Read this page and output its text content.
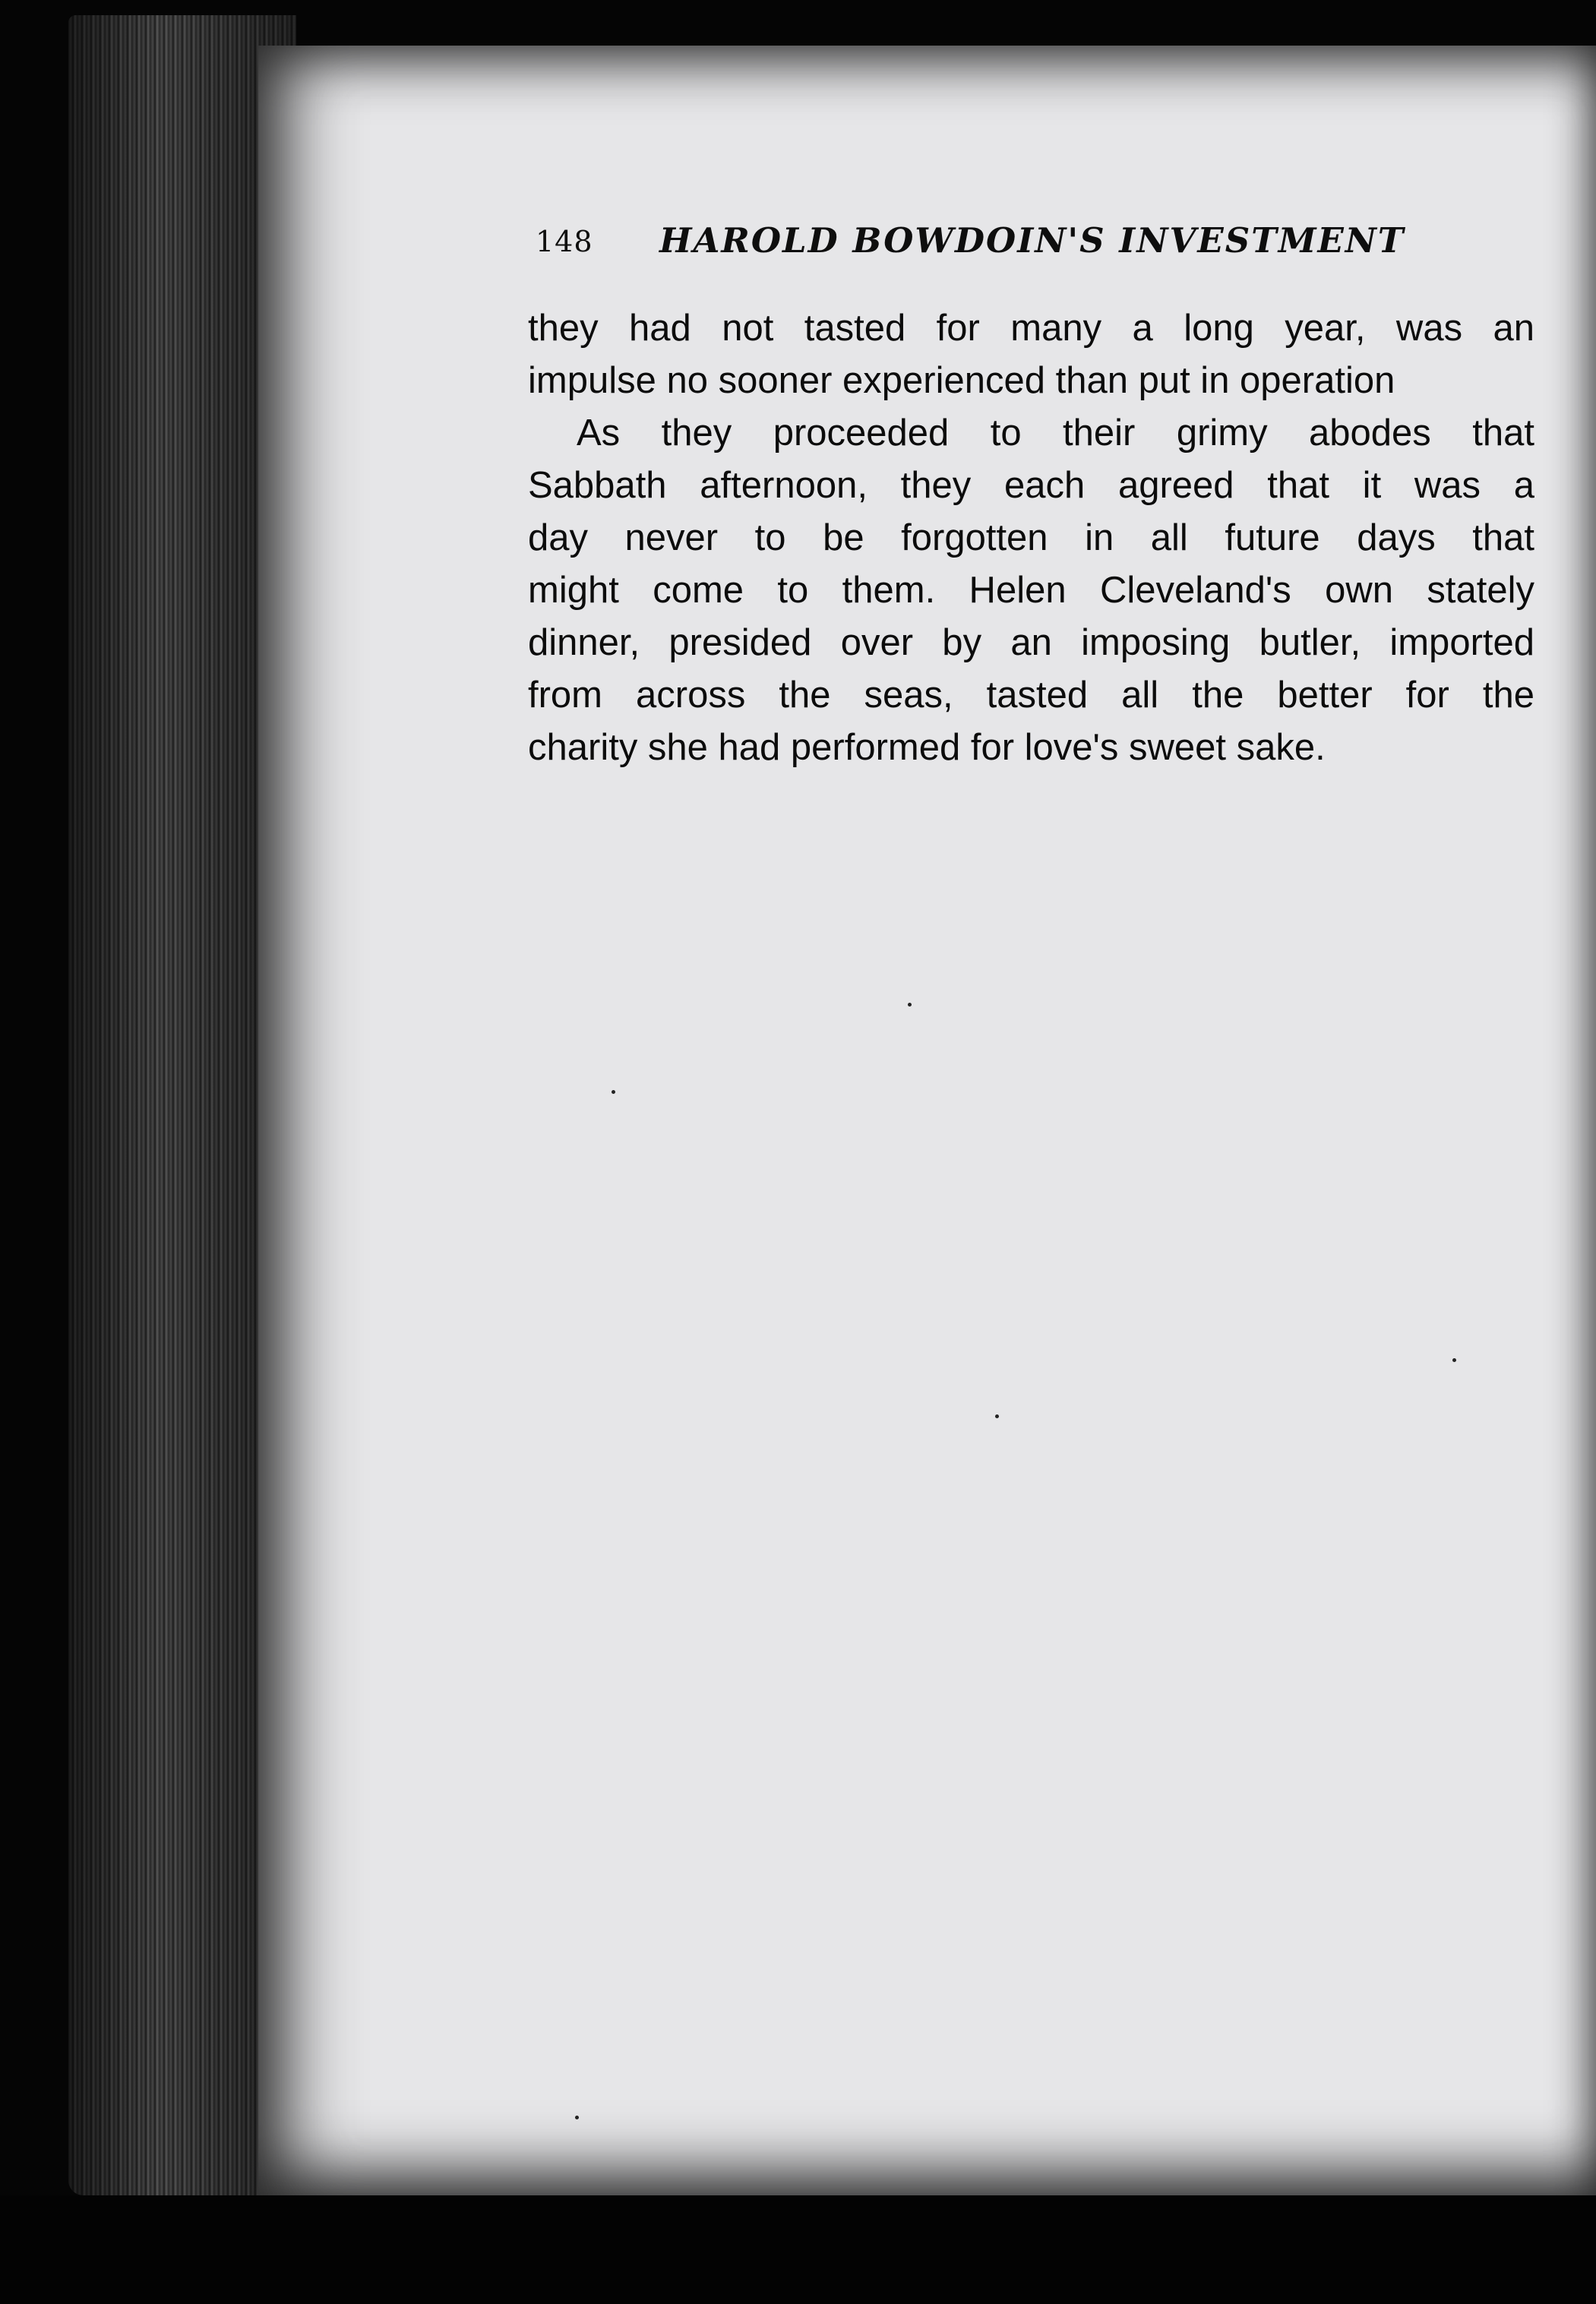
148 HAROLD BOWDOIN'S INVESTMENT
they had not tasted for many a long year, was an
impulse no sooner experienced than put in operation
As they proceeded to their grimy abodes that
Sabbath afternoon, they each agreed that it was a
day never to be forgotten in all future days that
might come to them. Helen Cleveland's own stately
dinner, presided over by an imposing butler, imported
from across the seas, tasted all the better for the
charity she had performed for love's sweet sake.
